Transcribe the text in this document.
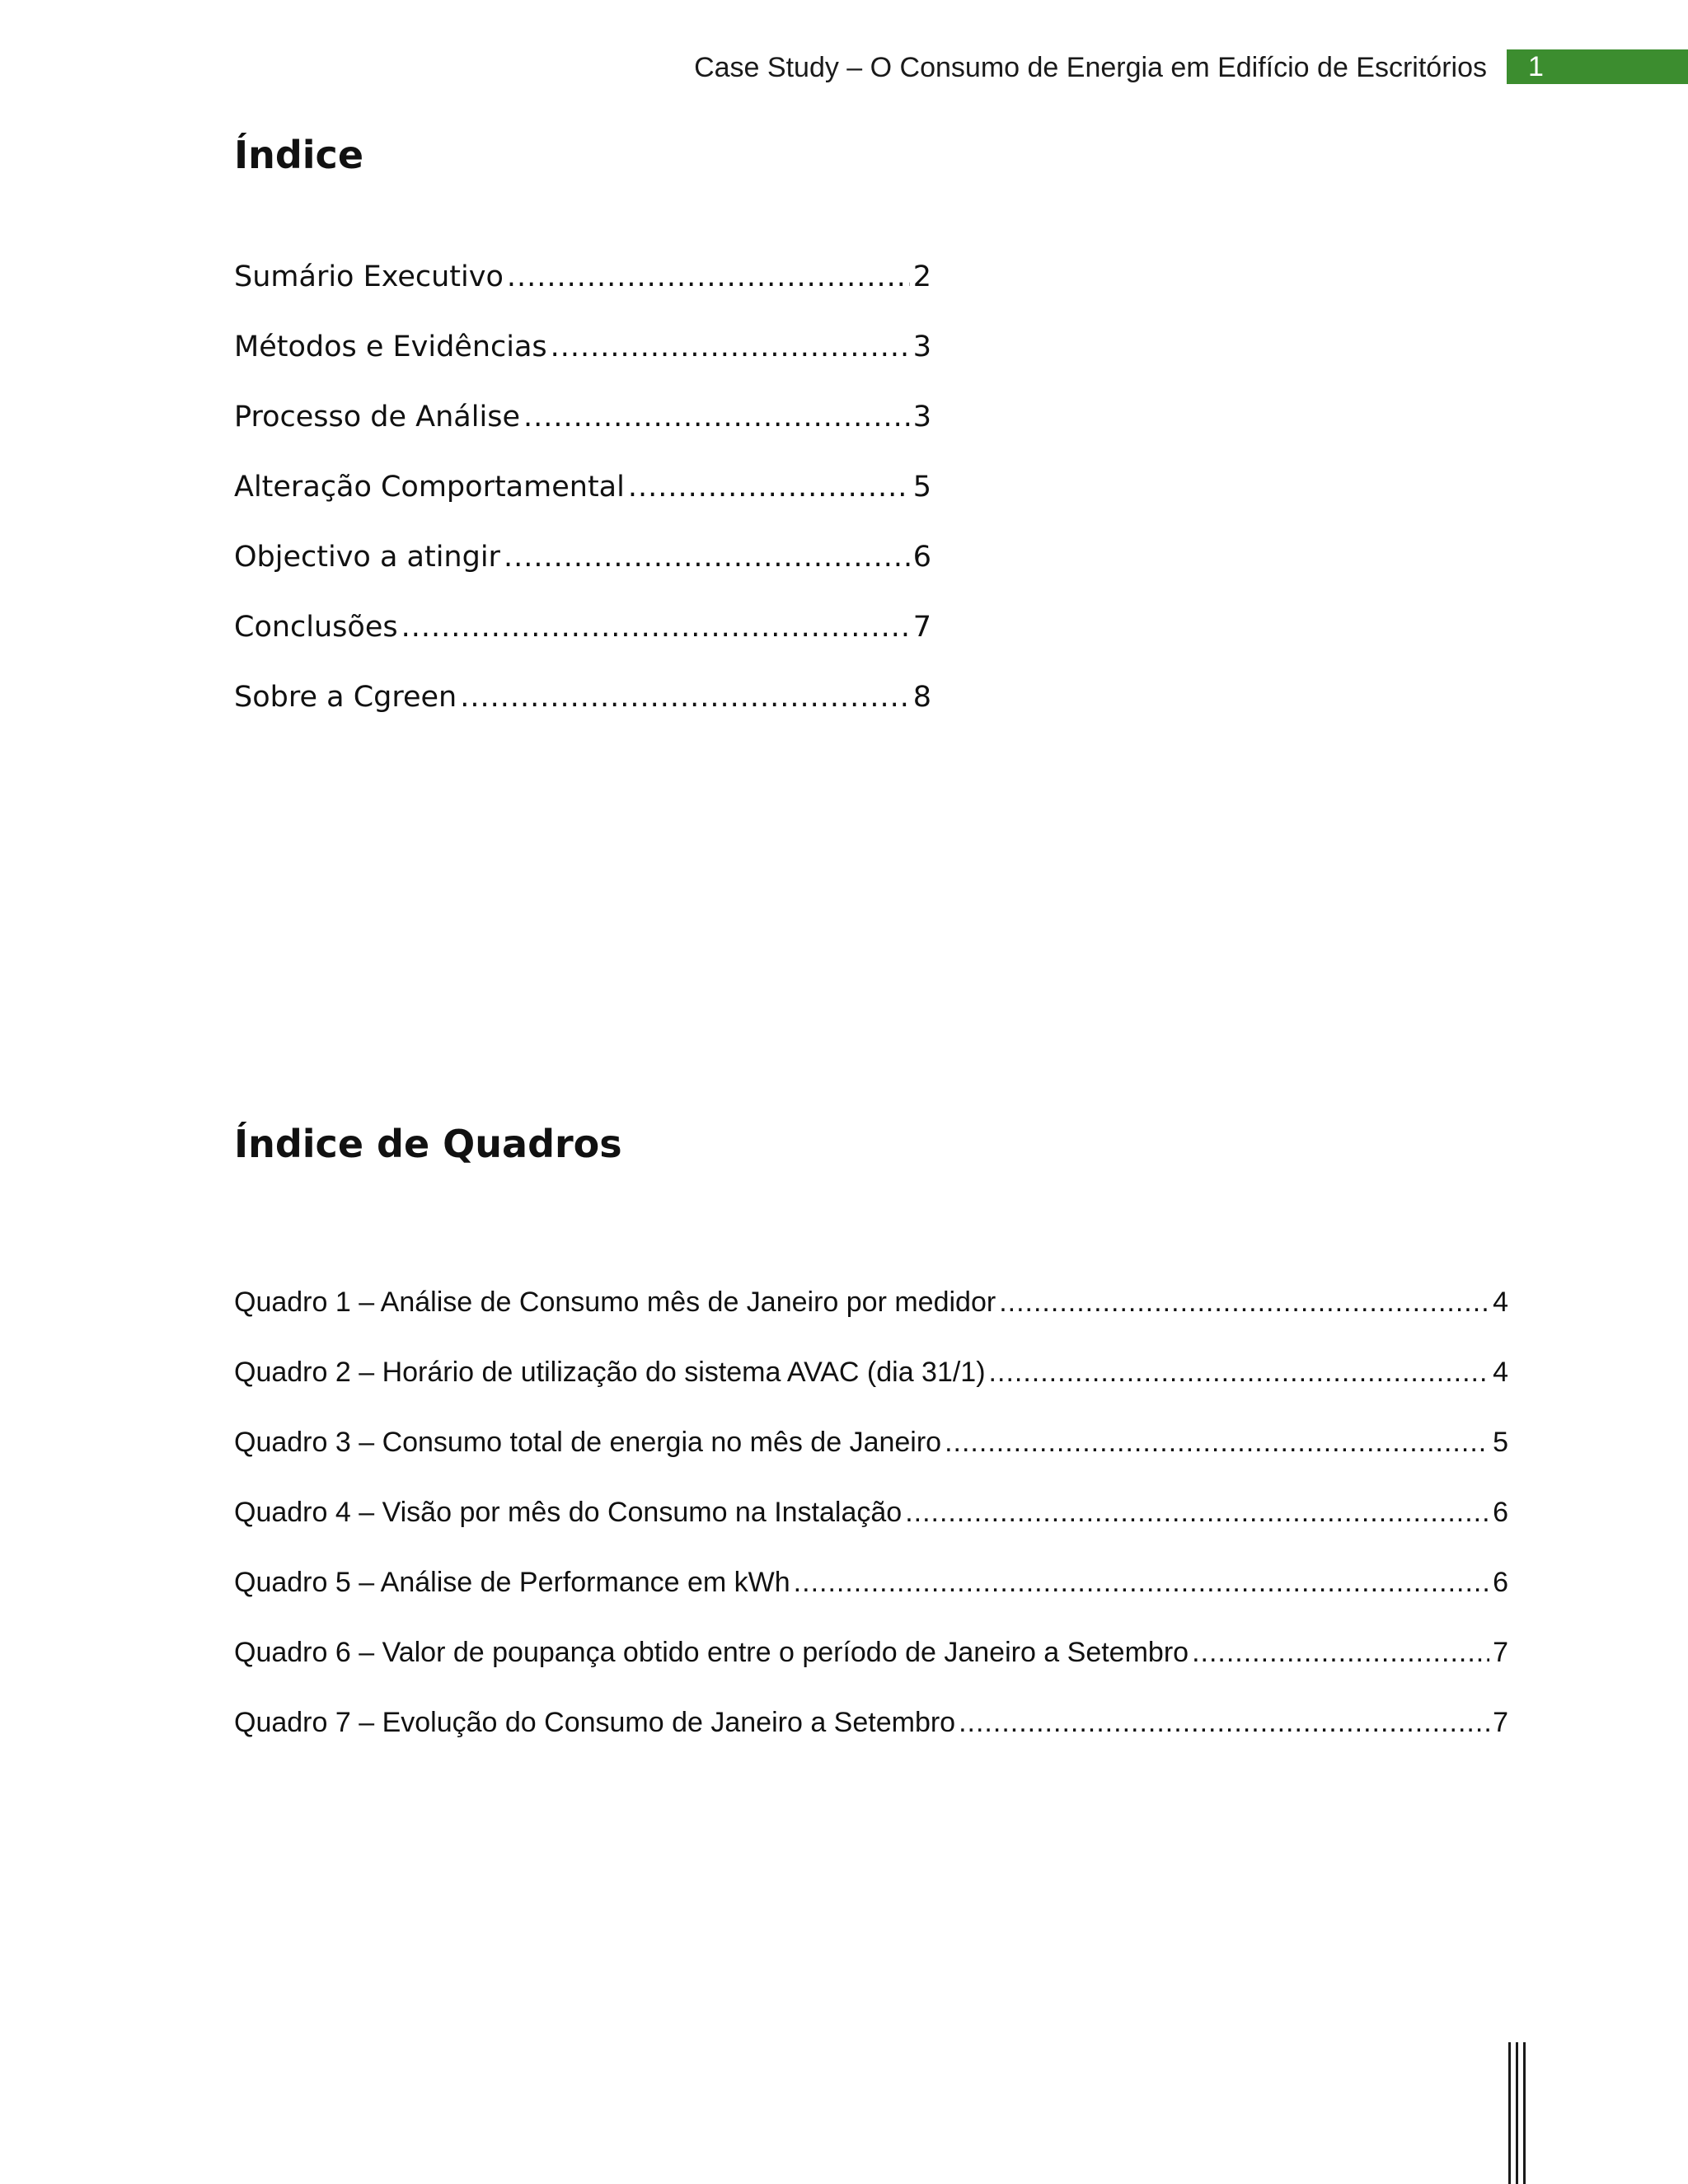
Case Study – O Consumo de Energia em Edifício de Escritórios	1
Índice
Sumário Executivo .....	2
Métodos e Evidências .....	3
Processo de Análise .....	3
Alteração Comportamental .....	5
Objectivo a atingir .....	6
Conclusões .....	7
Sobre a Cgreen .....	8
Índice de Quadros
Quadro 1 – Análise de Consumo mês de Janeiro por medidor .....	4
Quadro 2 – Horário de utilização do sistema AVAC (dia 31/1) .....	4
Quadro 3 – Consumo total de energia no mês de Janeiro .....	5
Quadro 4 – Visão por mês do Consumo na Instalação .....	6
Quadro 5 – Análise de Performance em kWh .....	6
Quadro 6 – Valor de poupança obtido entre o período de Janeiro a Setembro .....	7
Quadro 7 – Evolução do Consumo de Janeiro a Setembro .....	7
